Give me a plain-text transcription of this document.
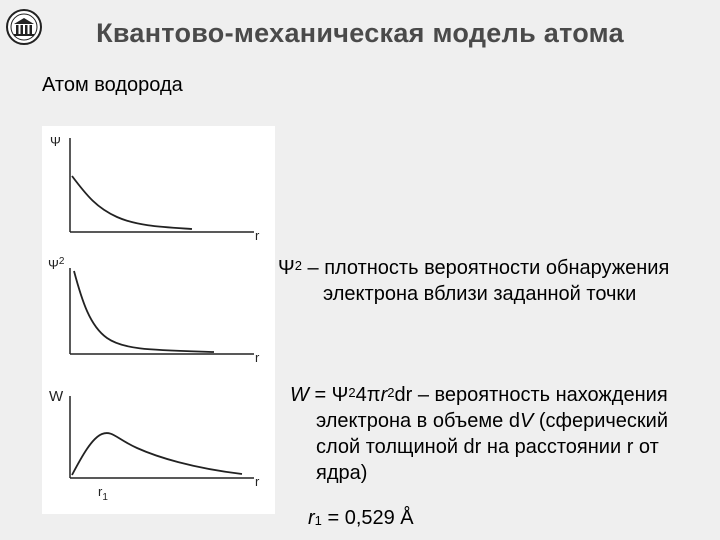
Квантово-механическая модель атома
Атом водорода
Ψ
r
$\Psi^2$
r
W
r
$r_1$
$\Psi^2$ – плотность вероятности обнаружения
электрона вблизи заданной точки
$W = \Psi^24\pi r^2dr$ – вероятность нахождения
электрона в объеме dV (сферический
слой толщиной dr на расстоянии r от
ядра)
$r_1 = 0,529$ Å
